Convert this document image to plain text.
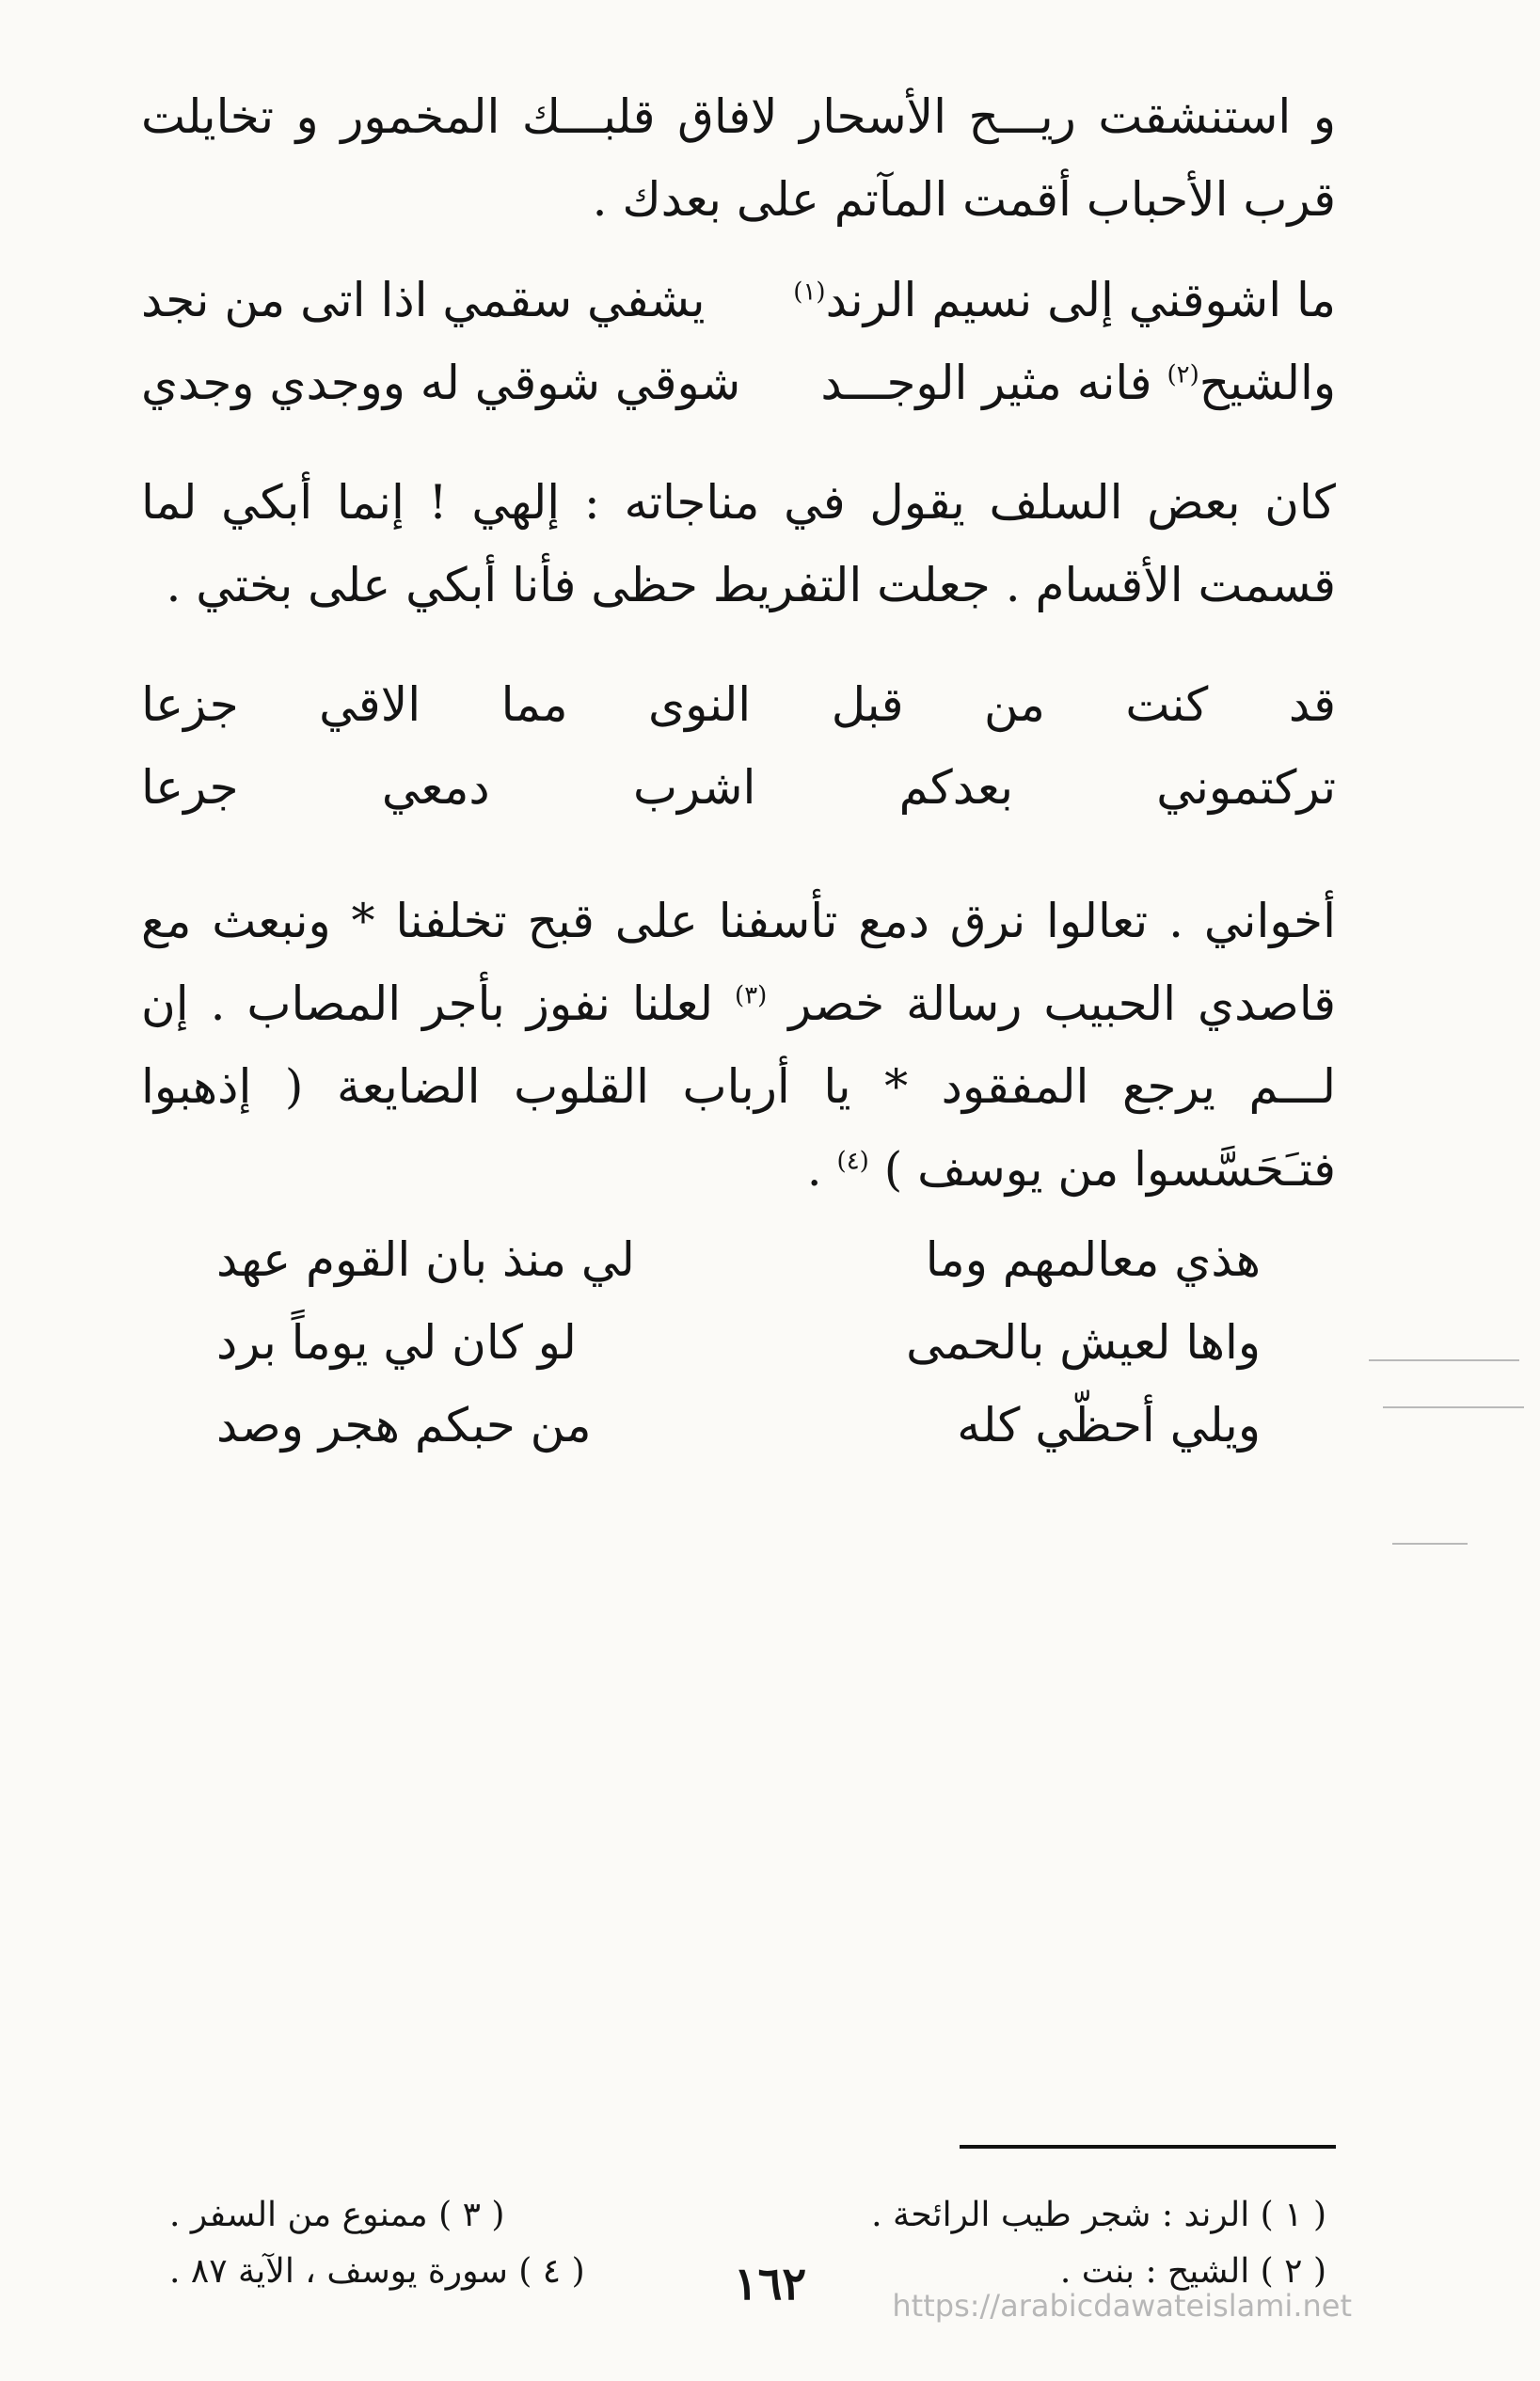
و استنشقت ريـــح الأسحار لافاق قلبـــك المخمور و تخايلت قرب الأحباب أقمت المآتم على بعدك .

ما اشوقني إلى نسيم الرند$^{(١)}$
يشفي سقمي اذا اتى من نجد
والشيح$^{(٢)}$ فانه مثير الوجـــد
شوقي شوقي له ووجدي وجدي

كان بعض السلف يقول في مناجاته : إلهي ! إنما أبكي لما قسمت الأقسام . جعلت التفريط حظى فأنا أبكي على بختي .

قد
كنت
من
قبل
النوى
مما
الاقي
جزعا
تركتموني
بعدكم
اشرب
دمعي
جرعا

أخواني . تعالوا نرق دمع تأسفنا على قبح تخلفنا * ونبعث مع قاصدي الحبيب رسالة خصر $^{(٣)}$ لعلنا نفوز بأجر المصاب . إن لـــم يرجع المفقود * يا أرباب القلوب الضايعة ( إذهبوا فتـَحَسَّسوا من يوسف ) $^{(٤)}$ .

هذي معالمهم وما
لي منذ بان القوم عهد
واها لعيش بالحمى
لو كان لي يوماً برد
ويلي أحظّي كله
من حبكم هجر وصد
( ١ ) الرند : شجر طيب الرائحة .
( ٣ ) ممنوع من السفر .
( ٢ ) الشيح : بنت .
( ٤ ) سورة يوسف ، الآية ٨٧ .	١٦٢	https://arabicdawateislami.net
